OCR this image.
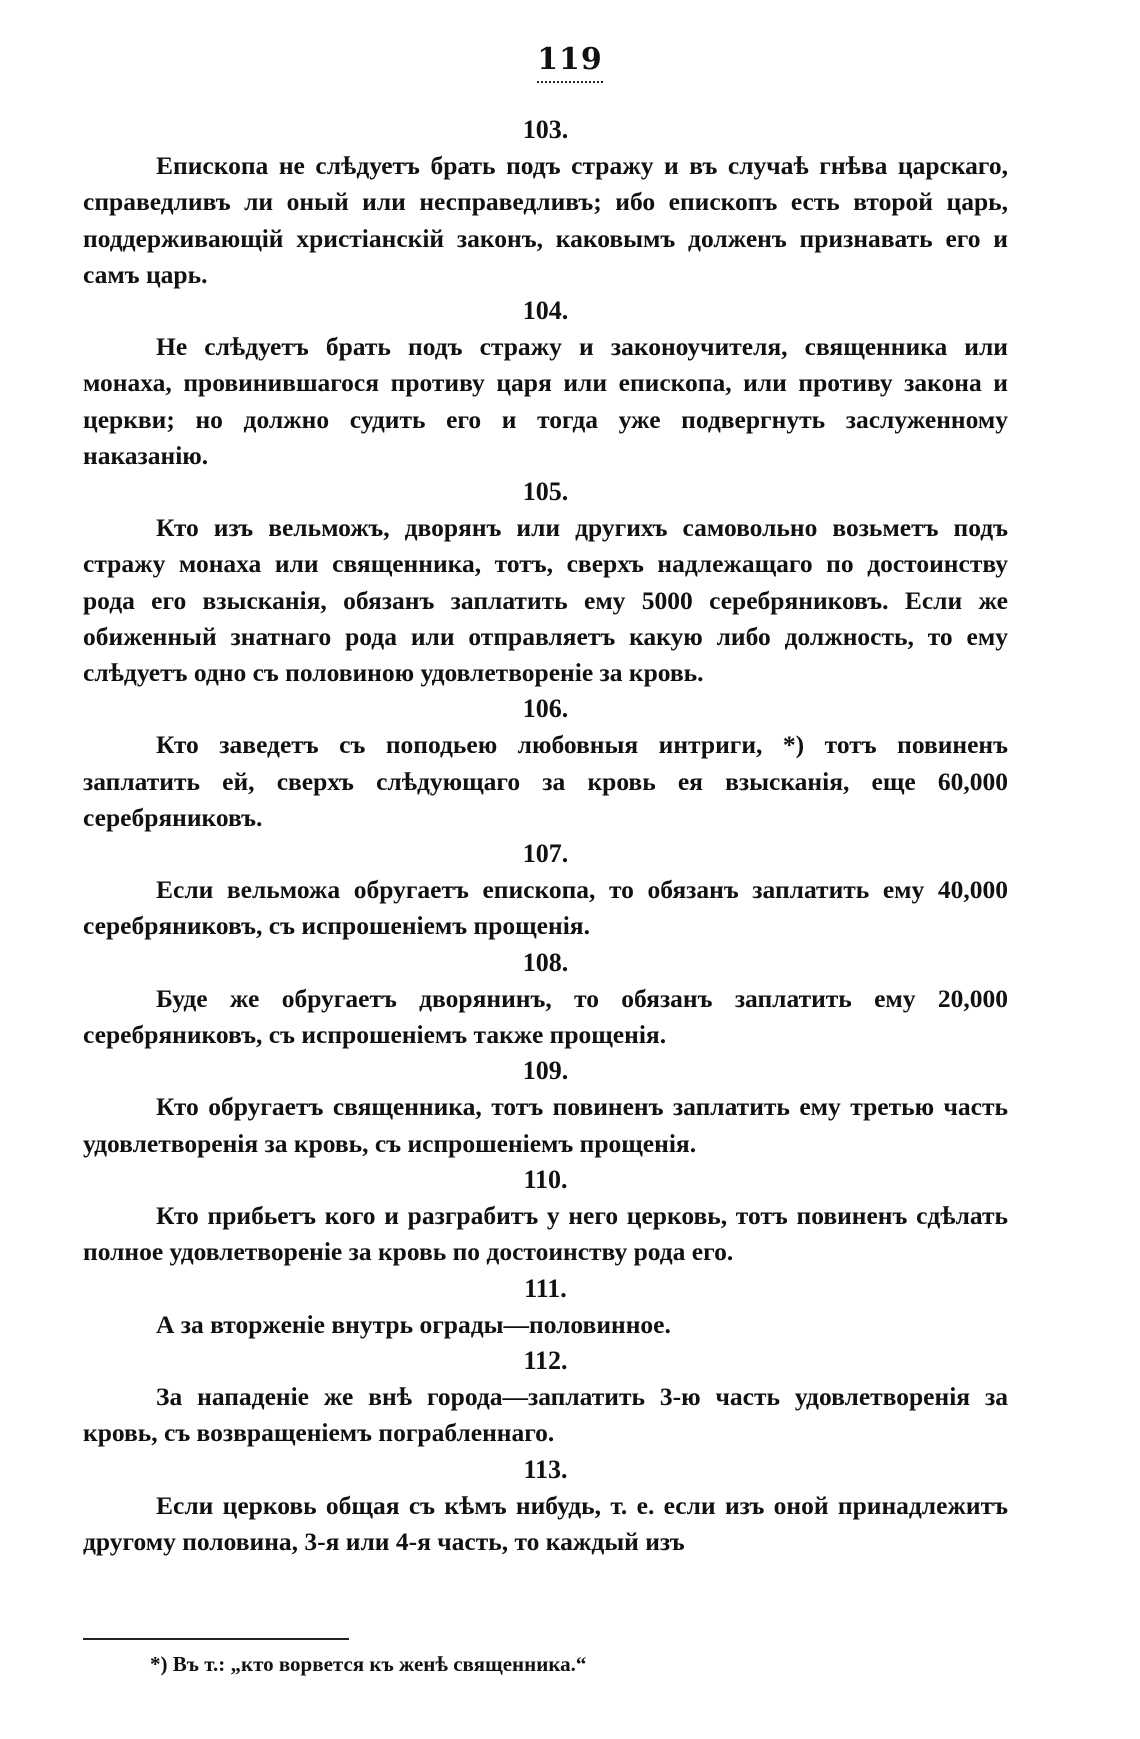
119
103.

Епископа не слѣдуетъ брать подъ стражу и въ случаѣ гнѣва царскаго, справедливъ ли оный или несправедливъ; ибо епископъ есть второй царь, поддерживающій христіанскій законъ, каковымъ долженъ признавать его и самъ царь.

104.

Не слѣдуетъ брать подъ стражу и законоучителя, священника или монаха, провинившагося противу царя или епископа, или противу закона и церкви; но должно судить его и тогда уже подвергнуть заслуженному наказанію.

105.

Кто изъ вельможъ, дворянъ или другихъ самовольно возьметъ подъ стражу монаха или священника, тотъ, сверхъ надлежащаго по достоинству рода его взысканія, обязанъ заплатить ему 5000 серебряниковъ. Если же обиженный знатнаго рода или отправляетъ какую либо должность, то ему слѣдуетъ одно съ половиною удовлетвореніе за кровь.

106.

Кто заведетъ съ поподьею любовныя интриги, *) тотъ повиненъ заплатить ей, сверхъ слѣдующаго за кровь ея взысканія, еще 60,000 серебряниковъ.

107.

Если вельможа обругаетъ епископа, то обязанъ заплатить ему 40,000 серебряниковъ, съ испрошеніемъ прощенія.

108.

Буде же обругаетъ дворянинъ, то обязанъ заплатить ему 20,000 серебряниковъ, съ испрошеніемъ также прощенія.

109.

Кто обругаетъ священника, тотъ повиненъ заплатить ему третью часть удовлетворенія за кровь, съ испрошеніемъ прощенія.

110.

Кто прибьетъ кого и разграбитъ у него церковь, тотъ повиненъ сдѣлать полное удовлетвореніе за кровь по достоинству рода его.

111.

А за вторженіе внутрь ограды—половинное.

112.

За нападеніе же внѣ города—заплатить 3-ю часть удовлетворенія за кровь, съ возвращеніемъ пограбленнаго.

113.

Если церковь общая съ кѣмъ нибудь, т. е. если изъ оной принадлежитъ другому половина, 3-я или 4-я часть, то каждый изъ

*) Въ т.: „кто ворвется къ женѣ священника.“
